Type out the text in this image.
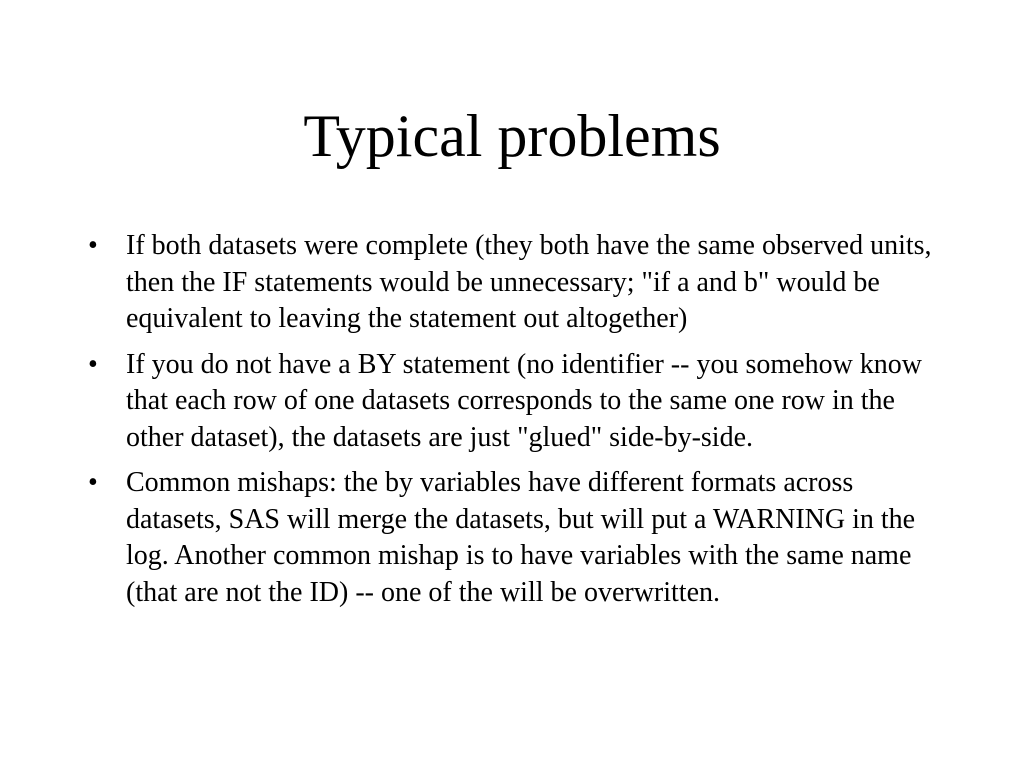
Typical problems
•	If both datasets were complete (they both have the same observed units, then the IF statements would be unnecessary; "if a and b" would be equivalent to leaving the statement out altogether)
•	If you do not have a BY statement (no identifier -- you somehow know that each row of one datasets corresponds to the same one row in the other dataset), the datasets are just "glued" side-by-side.
•	Common mishaps: the by variables have different formats across datasets, SAS will merge the datasets, but will put a WARNING in the log. Another common mishap is to have variables with the same name (that are not the ID) -- one of the will be overwritten.
